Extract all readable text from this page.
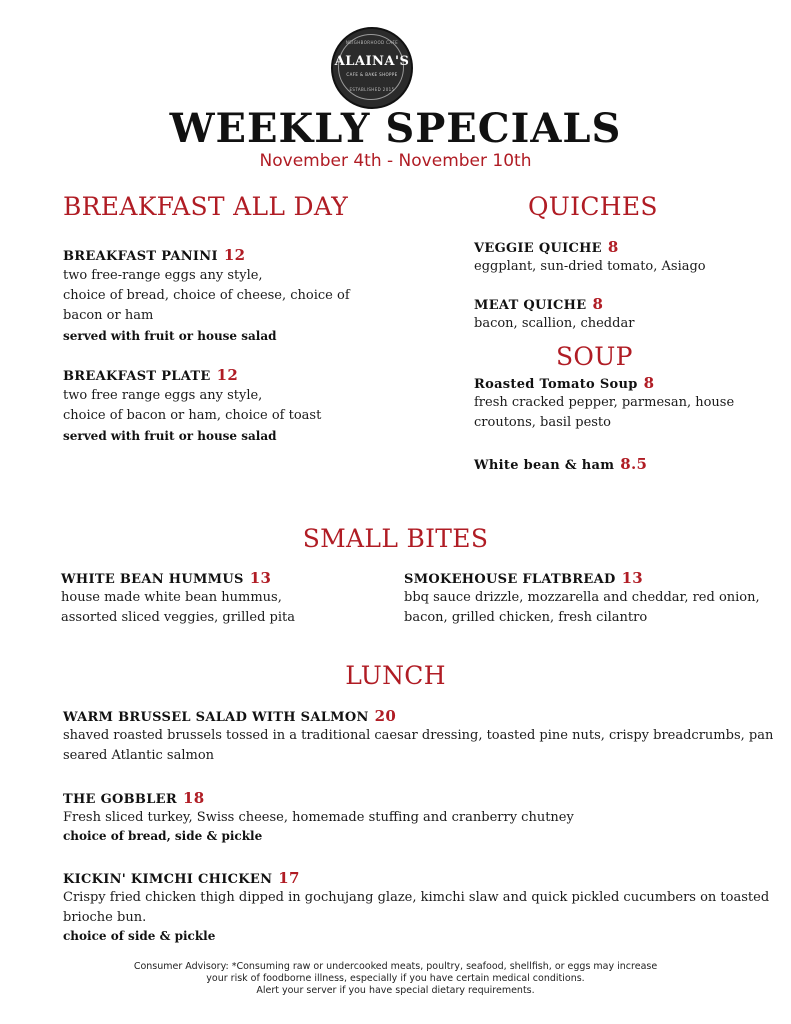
NEIGHBORHOOD CAFE
ALAINA'S
CAFE & BAKE SHOPPE
ESTABLISHED 2015
WEEKLY SPECIALS
November 4th - November 10th
BREAKFAST ALL DAY
BREAKFAST PANINI 12
two free-range eggs any style,
choice of bread, choice of cheese, choice of
bacon or ham
served with fruit or house salad
BREAKFAST PLATE 12
two free range eggs any style,
choice of bacon or ham, choice of toast
served with fruit or house salad
QUICHES
VEGGIE QUICHE 8
eggplant, sun-dried tomato, Asiago
MEAT QUICHE 8
bacon, scallion, cheddar
SOUP
Roasted Tomato Soup 8
fresh cracked pepper, parmesan, house
croutons, basil pesto
White bean & ham 8.5
SMALL BITES
WHITE BEAN HUMMUS 13
house made white bean hummus,
assorted sliced veggies, grilled pita
SMOKEHOUSE FLATBREAD 13
bbq sauce drizzle, mozzarella and cheddar, red onion,
bacon, grilled chicken, fresh cilantro
LUNCH
WARM BRUSSEL SALAD WITH SALMON 20
shaved roasted brussels tossed in a traditional caesar dressing, toasted pine nuts, crispy breadcrumbs, pan
seared Atlantic salmon
THE GOBBLER 18
Fresh sliced turkey, Swiss cheese, homemade stuffing and cranberry chutney
choice of bread, side & pickle
KICKIN' KIMCHI CHICKEN 17
Crispy fried chicken thigh dipped in gochujang glaze, kimchi slaw and quick pickled cucumbers on toasted
brioche bun.
choice of side & pickle
Consumer Advisory: *Consuming raw or undercooked meats, poultry, seafood, shellfish, or eggs may increase
your risk of foodborne illness, especially if you have certain medical conditions.
Alert your server if you have special dietary requirements.
